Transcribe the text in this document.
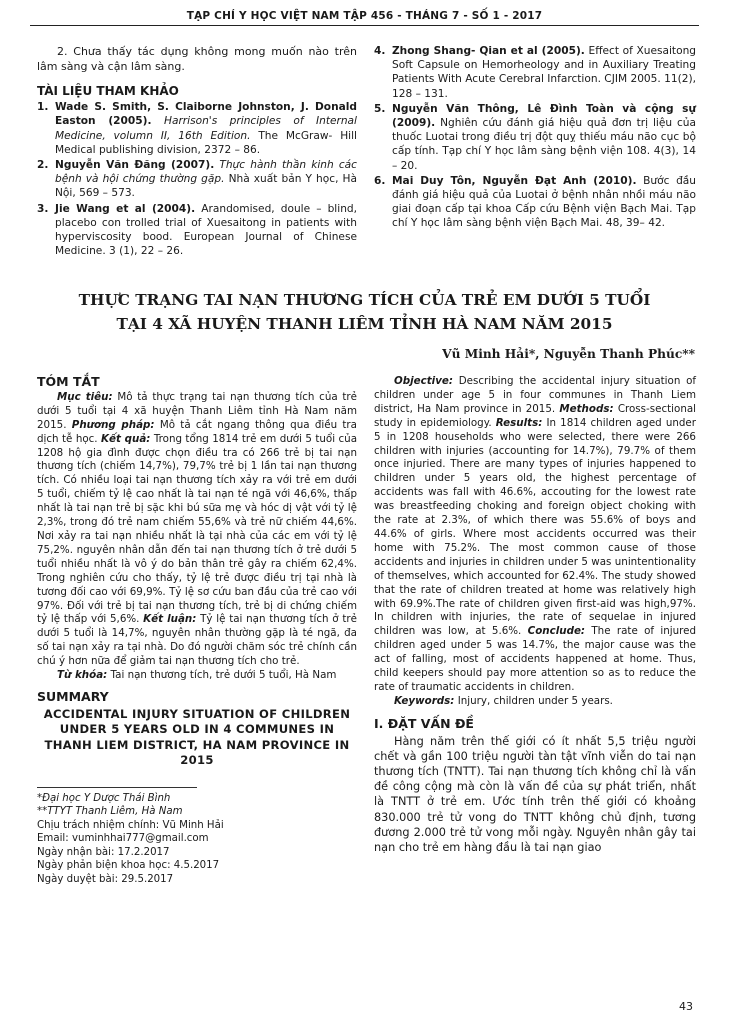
TẠP CHÍ Y HỌC VIỆT NAM TẬP 456 - THÁNG 7 - SỐ 1 - 2017

2. Chưa thấy tác dụng không mong muốn nào trên lâm sàng và cận lâm sàng.

TÀI LIỆU THAM KHẢO

1. Wade S. Smith, S. Claiborne Johnston, J. Donald Easton (2005). Harrison's principles of Internal Medicine, volumn II, 16th Edition. The McGraw- Hill Medical publishing division, 2372 – 86.
2. Nguyễn Văn Đăng (2007). Thực hành thần kinh các bệnh và hội chứng thường gặp. Nhà xuất bản Y học, Hà Nội, 569 – 573.
3. Jie Wang et al (2004). Arandomised, doule – blind, placebo con trolled trial of Xuesaitong in patients with hyperviscosity bood. European Journal of Chinese Medicine. 3 (1), 22 – 26.
4. Zhong Shang- Qian et al (2005). Effect of Xuesaitong Soft Capsule on Hemorheology and in Auxiliary Treating Patients With Acute Cerebral Infarction. CJIM 2005. 11(2), 128 – 131.
5. Nguyễn Văn Thông, Lê Đình Toàn và cộng sự (2009). Nghiên cứu đánh giá hiệu quả đơn trị liệu của thuốc Luotai trong điều trị đột quỵ thiếu máu não cục bộ cấp tính. Tạp chí Y học lâm sàng bệnh viện 108. 4(3), 14 – 20.
6. Mai Duy Tôn, Nguyễn Đạt Anh (2010). Bước đầu đánh giá hiệu quả của Luotai ở bệnh nhân nhồi máu não giai đoạn cấp tại khoa Cấp cứu Bệnh viện Bạch Mai. Tạp chí Y học lâm sàng bệnh viện Bạch Mai. 48, 39– 42.
THỰC TRẠNG TAI NẠN THƯƠNG TÍCH CỦA TRẺ EM DƯỚI 5 TUỔI
TẠI 4 XÃ HUYỆN THANH LIÊM TỈNH HÀ NAM NĂM 2015
Vũ Minh Hải*, Nguyễn Thanh Phúc**

TÓM TẮT

Mục tiêu: Mô tả thực trạng tai nạn thương tích của trẻ dưới 5 tuổi tại 4 xã huyện Thanh Liêm tỉnh Hà Nam năm 2015. Phương pháp: Mô tả cắt ngang thông qua điều tra dịch tễ học. Kết quả: Trong tổng 1814 trẻ em dưới 5 tuổi của 1208 hộ gia đình được chọn điều tra có 266 trẻ bị tai nạn thương tích (chiếm 14,7%), 79,7% trẻ bị 1 lần tai nạn thương tích. Có nhiều loại tai nạn thương tích xảy ra với trẻ em dưới 5 tuổi, chiếm tỷ lệ cao nhất là tai nạn té ngã với 46,6%, thấp nhất là tai nạn trẻ bị sặc khi bú sữa mẹ và hóc dị vật với tỷ lệ 2,3%, trong đó trẻ nam chiếm 55,6% và trẻ nữ chiếm 44,6%. Nơi xảy ra tai nạn nhiều nhất là tại nhà của các em với tỷ lệ 75,2%. nguyên nhân dẫn đến tai nạn thương tích ở trẻ dưới 5 tuổi nhiều nhất là vô ý do bản thân trẻ gây ra chiếm 62,4%. Trong nghiên cứu cho thấy, tỷ lệ trẻ được điều trị tại nhà là tương đối cao với 69,9%. Tỷ lệ sơ cứu ban đầu của trẻ cao với 97%. Đối với trẻ bị tai nạn thương tích, trẻ bị di chứng chiếm tỷ lệ thấp với 5,6%. Kết luận: Tỷ lệ tai nạn thương tích ở trẻ dưới 5 tuổi là 14,7%, nguyên nhân thường gặp là té ngã, đa số tai nạn xảy ra tại nhà. Do đó người chăm sóc trẻ chính cần chú ý hơn nữa để giảm tai nạn thương tích cho trẻ.

Từ khóa: Tai nạn thương tích, trẻ dưới 5 tuổi, Hà Nam

SUMMARY

ACCIDENTAL INJURY SITUATION OF CHILDREN UNDER 5 YEARS OLD IN 4 COMMUNES IN THANH LIEM DISTRICT, HA NAM PROVINCE IN 2015

*Đại học Y Dược Thái Bình

**TTYT Thanh Liêm, Hà Nam

Chịu trách nhiệm chính: Vũ Minh Hải

Email: vuminhhai777@gmail.com

Ngày nhận bài: 17.2.2017

Ngày phản biện khoa học: 4.5.2017

Ngày duyệt bài: 29.5.2017

Objective: Describing the accidental injury situation of children under age 5 in four communes in Thanh Liem district, Ha Nam province in 2015. Methods: Cross-sectional study in epidemiology. Results: In 1814 children aged under 5 in 1208 households who were selected, there were 266 children with injuries (accounting for 14.7%), 79.7% of them once injuried. There are many types of injuries happened to children under 5 years old, the highest percentage of accidents was fall with 46.6%, accouting for the lowest rate was breastfeeding choking and foreign object choking with the rate at 2.3%, of which there was 55.6% of boys and 44.6% of girls. Where most accidents occurred was their home with 75.2%. The most common cause of those accidents and injuries in children under 5 was unintentionality of themselves, which accounted for 62.4%. The study showed that the rate of children treated at home was relatively high with 69.9%.The rate of children given first-aid was high,97%. In children with injuries, the rate of sequelae in injured children was low, at 5.6%. Conclude: The rate of injured children aged under 5 was 14.7%, the major cause was the act of falling, most of accidents happened at home. Thus, child keepers should pay more attention so as to reduce the rate of traumatic accidents in children.

Keywords: Injury, children under 5 years.

I. ĐẶT VẤN ĐỀ

Hàng năm trên thế giới có ít nhất 5,5 triệu người chết và gần 100 triệu người tàn tật vĩnh viễn do tai nạn thương tích (TNTT). Tai nạn thương tích không chỉ là vấn đề công cộng mà còn là vấn đề của sự phát triển, nhất là TNTT ở trẻ em. Ước tính trên thế giới có khoảng 830.000 trẻ tử vong do TNTT không chủ định, tương đương 2.000 trẻ tử vong mỗi ngày. Nguyên nhân gây tai nạn cho trẻ em hàng đầu là tai nạn giao

43
